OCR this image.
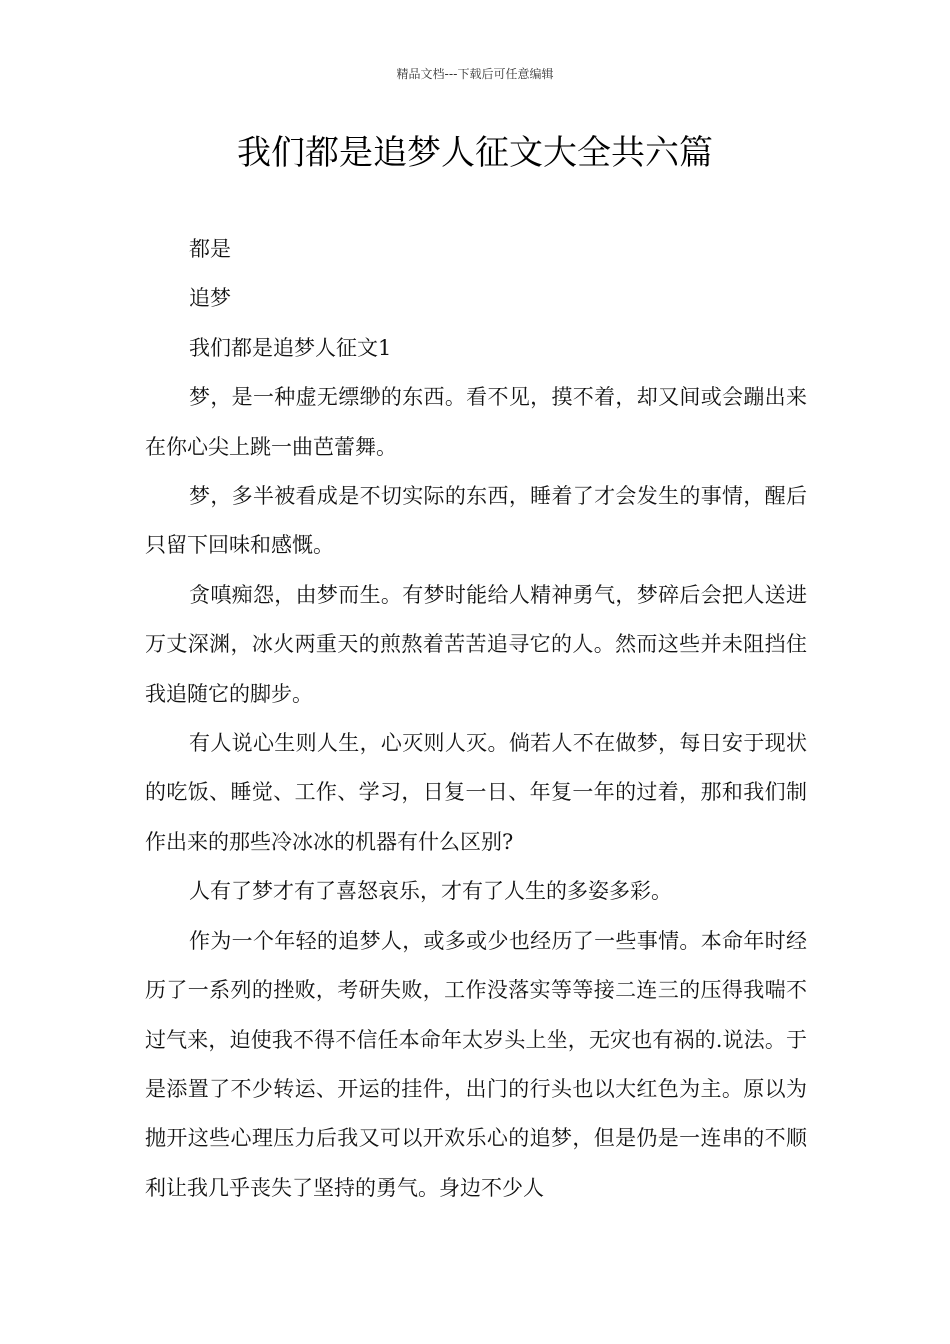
精品文档---下载后可任意编辑
我们都是追梦人征文大全共六篇

都是

追梦

我们都是追梦人征文1

梦，是一种虚无缥缈的东西。看不见，摸不着，却又间或会蹦出来在你心尖上跳一曲芭蕾舞。

梦，多半被看成是不切实际的东西，睡着了才会发生的事情，醒后只留下回味和感慨。

贪嗔痴怨，由梦而生。有梦时能给人精神勇气，梦碎后会把人送进万丈深渊，冰火两重天的煎熬着苦苦追寻它的人。然而这些并未阻挡住我追随它的脚步。

有人说心生则人生，心灭则人灭。倘若人不在做梦，每日安于现状的吃饭、睡觉、工作、学习，日复一日、年复一年的过着，那和我们制作出来的那些冷冰冰的机器有什么区别?

人有了梦才有了喜怒哀乐，才有了人生的多姿多彩。

作为一个年轻的追梦人，或多或少也经历了一些事情。本命年时经历了一系列的挫败，考研失败，工作没落实等等接二连三的压得我喘不过气来，迫使我不得不信任本命年太岁头上坐，无灾也有祸的.说法。于是添置了不少转运、开运的挂件，出门的行头也以大红色为主。原以为抛开这些心理压力后我又可以开欢乐心的追梦，但是仍是一连串的不顺利让我几乎丧失了坚持的勇气。身边不少人
